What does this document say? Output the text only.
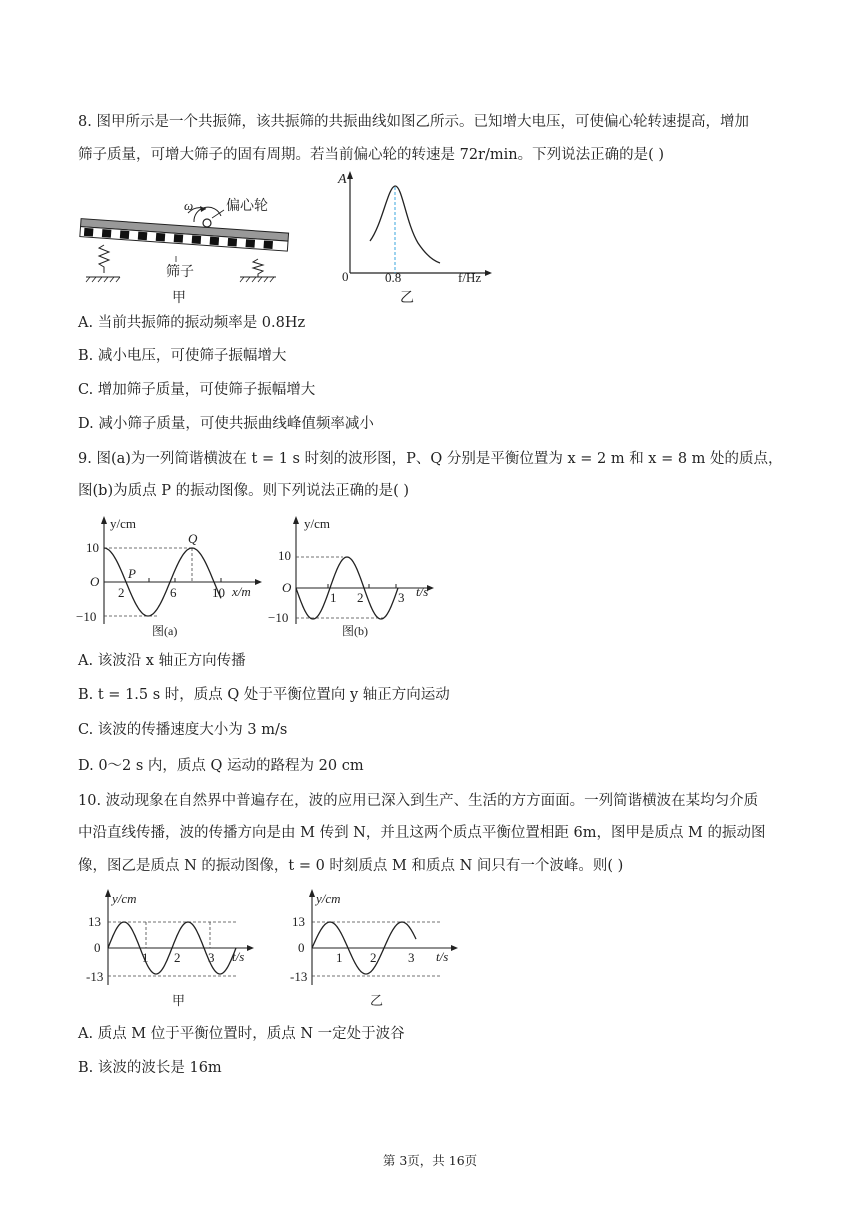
8. 图甲所示是一个共振筛，该共振筛的共振曲线如图乙所示。已知增大电压，可使偏心轮转速提高，增加
筛子质量，可增大筛子的固有周期。若当前偏心轮的转速是 72r/min。下列说法正确的是( )
ω 偏心轮
筛子
甲
A
0	0.8	f/Hz
乙
A. 当前共振筛的振动频率是 0.8Hz
B. 减小电压，可使筛子振幅增大
C. 增加筛子质量，可使筛子振幅增大
D. 减小筛子质量，可使共振曲线峰值频率减小
9. 图(a)为一列简谐横波在 t = 1 s 时刻的波形图，P、Q 分别是平衡位置为 x = 2 m 和 x = 8 m 处的质点，
图(b)为质点 P 的振动图像。则下列说法正确的是( )
y/cm
x/m
O
10
−10
2	6	10
P
Q
图(a)
y/cm
t/s
O
10
−10
1 2	3
图(b)
A. 该波沿 x 轴正方向传播
B. t = 1.5 s 时，质点 Q 处于平衡位置向 y 轴正方向运动
C. 该波的传播速度大小为 3 m/s
D. 0～2 s 内，质点 Q 运动的路程为 20 cm
10. 波动现象在自然界中普遍存在，波的应用已深入到生产、生活的方方面面。一列简谐横波在某均匀介质
中沿直线传播，波的传播方向是由 M 传到 N，并且这两个质点平衡位置相距 6m，图甲是质点 M 的振动图
像，图乙是质点 N 的振动图像，t = 0 时刻质点 M 和质点 N 间只有一个波峰。则( )
y/cm
t/s
13
0
-13
1 2 3
甲
y/cm
t/s
13
0
-13
1 2 3
乙
A. 质点 M 位于平衡位置时，质点 N 一定处于波谷
B. 该波的波长是 16m
第 3页，共 16页
